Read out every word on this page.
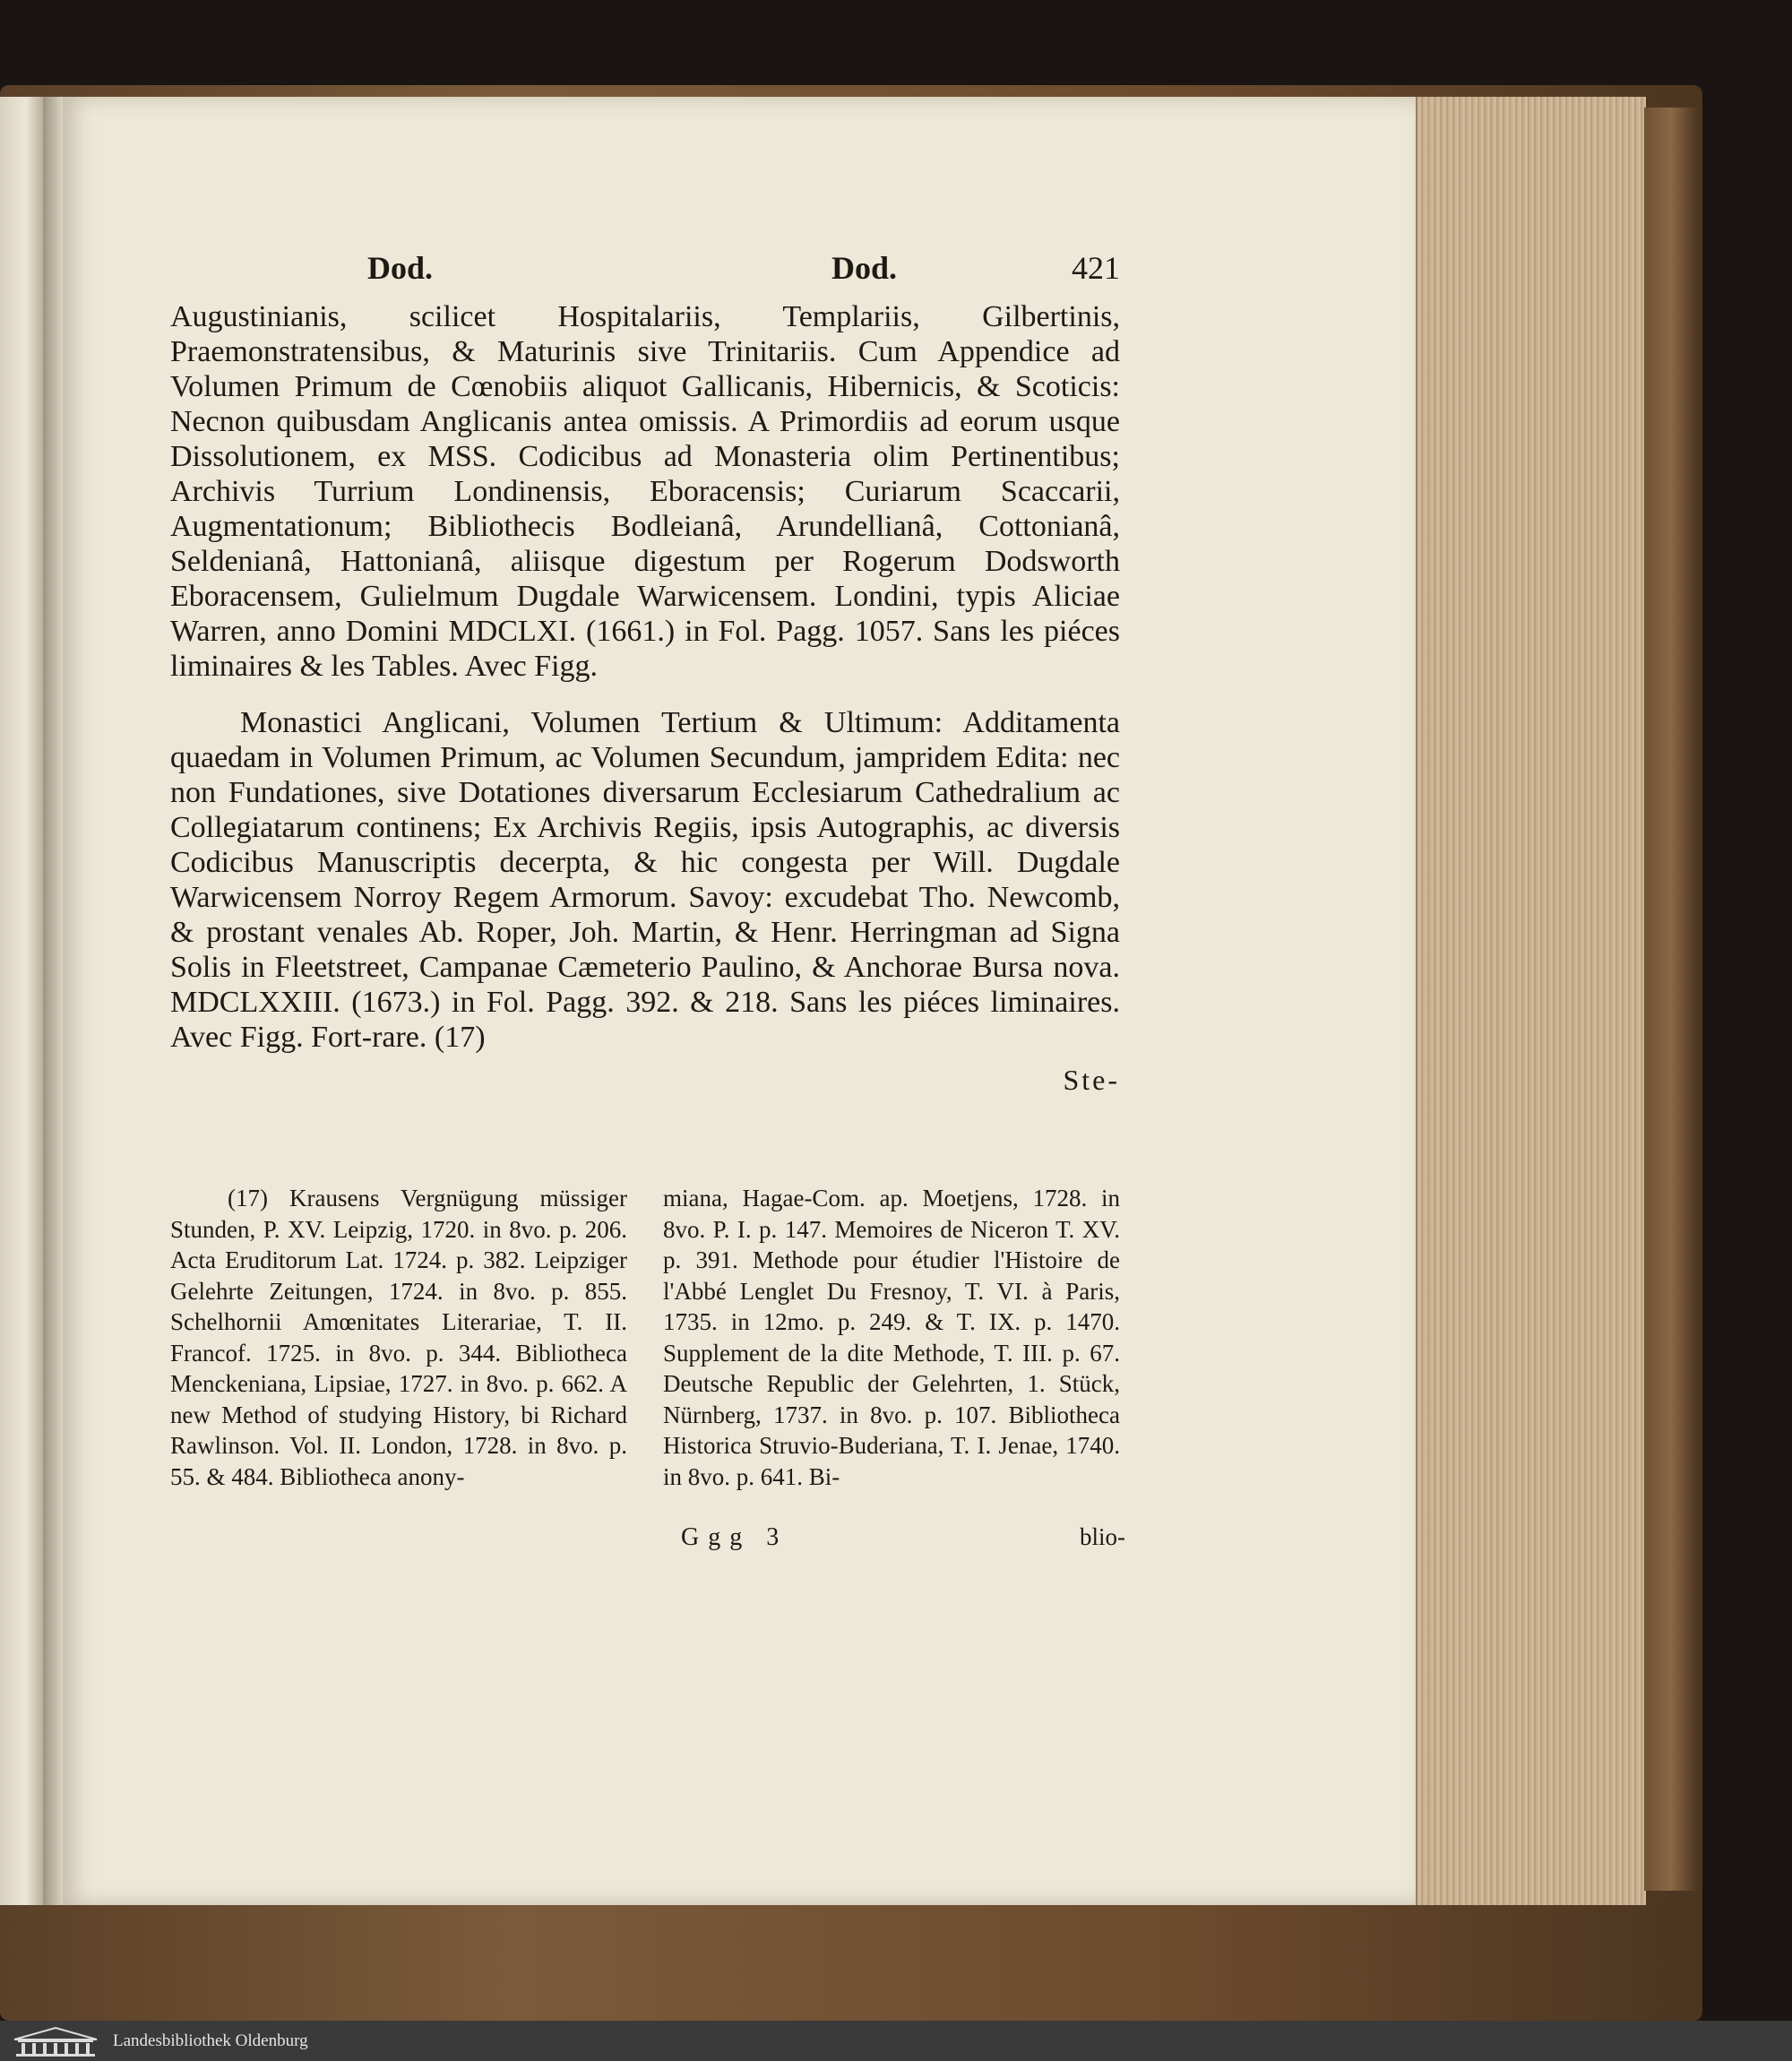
Dod.	Dod.	421

Augustinianis, scilicet Hospitalariis, Templariis, Gilbertinis, Praemonstratensibus, & Maturinis sive Trinitariis. Cum Appendice ad Volumen Primum de Cœnobiis aliquot Gallicanis, Hibernicis, & Scoticis: Necnon quibusdam Anglicanis antea omissis. A Primordiis ad eorum usque Dissolutionem, ex MSS. Codicibus ad Monasteria olim Pertinentibus; Archivis Turrium Londinensis, Eboracensis; Curiarum Scaccarii, Augmentationum; Bibliothecis Bodleianâ, Arundellianâ, Cottonianâ, Seldenianâ, Hattonianâ, aliisque digestum per Rogerum Dodsworth Eboracensem, Gulielmum Dugdale Warwicensem. Londini, typis Aliciae Warren, anno Domini MDCLXI. (1661.) in Fol. Pagg. 1057. Sans les piéces liminaires & les Tables. Avec Figg.

Monastici Anglicani, Volumen Tertium & Ultimum: Additamenta quaedam in Volumen Primum, ac Volumen Secundum, jampridem Edita: nec non Fundationes, sive Dotationes diversarum Ecclesiarum Cathedralium ac Collegiatarum continens; Ex Archivis Regiis, ipsis Autographis, ac diversis Codicibus Manuscriptis decerpta, & hic congesta per Will. Dugdale Warwicensem Norroy Regem Armorum. Savoy: excudebat Tho. Newcomb, & prostant venales Ab. Roper, Joh. Martin, & Henr. Herringman ad Signa Solis in Fleetstreet, Campanae Cæmeterio Paulino, & Anchorae Bursa nova. MDCLXXIII. (1673.) in Fol. Pagg. 392. & 218. Sans les piéces liminaires. Avec Figg. Fort-rare. (17)

Ste-
(17) Krausens Vergnügung müssiger Stunden, P. XV. Leipzig, 1720. in 8vo. p. 206. Acta Eruditorum Lat. 1724. p. 382. Leipziger Gelehrte Zeitungen, 1724. in 8vo. p. 855. Schelhornii Amœnitates Literariae, T. II. Francof. 1725. in 8vo. p. 344. Bibliotheca Menckeniana, Lipsiae, 1727. in 8vo. p. 662. A new Method of studying History, bi Richard Rawlinson. Vol. II. London, 1728. in 8vo. p. 55. & 484. Bibliotheca anony-
miana, Hagae-Com. ap. Moetjens, 1728. in 8vo. P. I. p. 147. Memoires de Niceron T. XV. p. 391. Methode pour étudier l'Histoire de l'Abbé Lenglet Du Fresnoy, T. VI. à Paris, 1735. in 12mo. p. 249. & T. IX. p. 1470. Supplement de la dite Methode, T. III. p. 67. Deutsche Republic der Gelehrten, 1. Stück, Nürnberg, 1737. in 8vo. p. 107. Bibliotheca Historica Struvio-Buderiana, T. I. Jenae, 1740. in 8vo. p. 641. Bi-
Ggg 3	blio-
Landesbibliothek Oldenburg
